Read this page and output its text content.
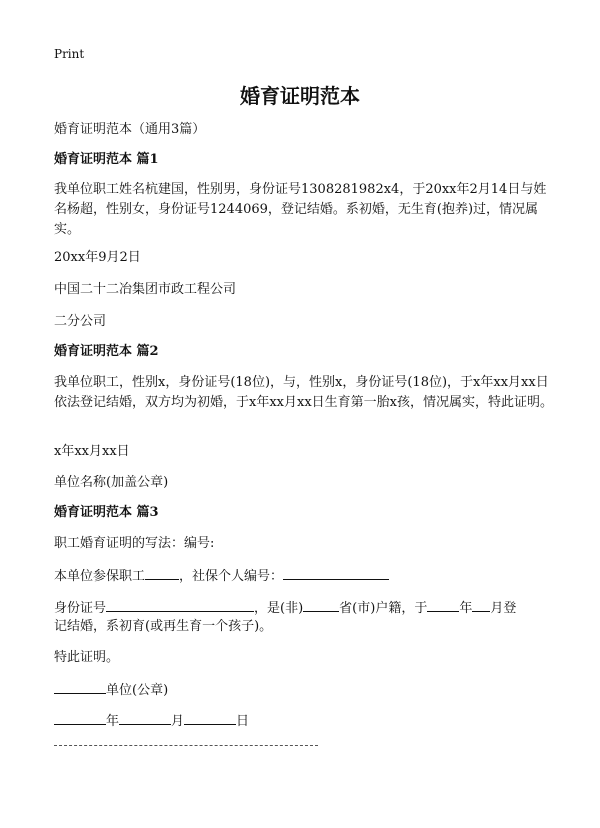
Print
婚育证明范本
婚育证明范本（通用3篇）
婚育证明范本 篇1
我单位职工姓名杭建国，性别男，身份证号1308281982x4，于20xx年2月14日与姓名杨超，性别女，身份证号1244069，登记结婚。系初婚，无生育(抱养)过，情况属实。
20xx年9月2日
中国二十二冶集团市政工程公司
二分公司
婚育证明范本 篇2
我单位职工，性别x，身份证号(18位)，与，性别x，身份证号(18位)，于x年xx月xx日依法登记结婚，双方均为初婚，于x年xx月xx日生育第一胎x孩，情况属实，特此证明。
x年xx月xx日
单位名称(加盖公章)
婚育证明范本 篇3
职工婚育证明的写法：编号:
本单位参保职工	，社保个人编号：
身份证号	，是(非)	省(市)户籍，于 年 月登
记结婚，系初育(或再生育一个孩子)。
特此证明。
单位(公章)
年	月	日
